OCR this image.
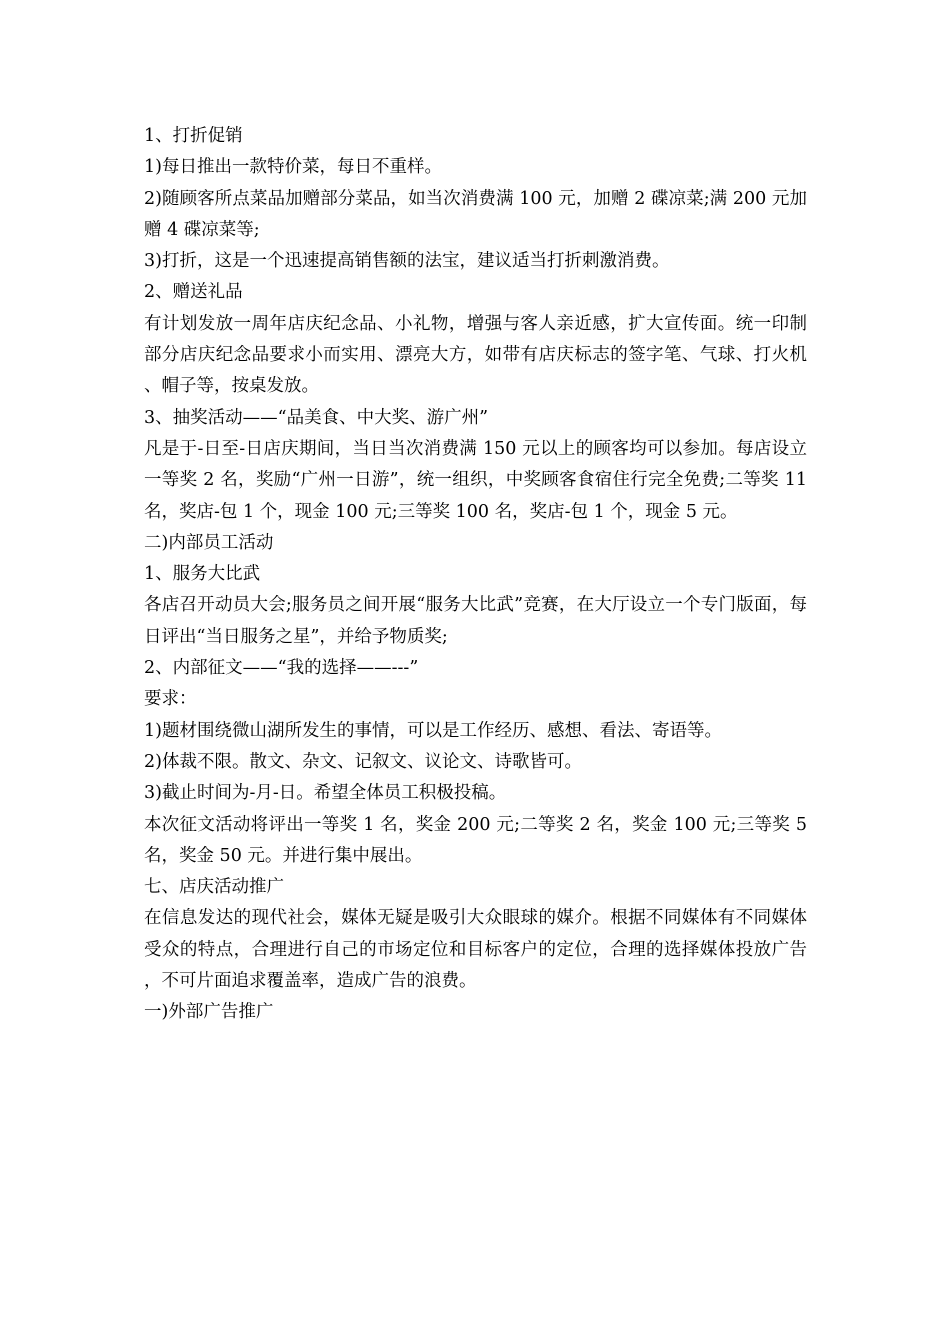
1、打折促销

1)每日推出一款特价菜，每日不重样。

2)随顾客所点菜品加赠部分菜品，如当次消费满 100 元，加赠 2 碟凉菜;满 200 元加赠 4 碟凉菜等;

3)打折，这是一个迅速提高销售额的法宝，建议适当打折刺激消费。

2、赠送礼品

有计划发放一周年店庆纪念品、小礼物，增强与客人亲近感，扩大宣传面。统一印制部分店庆纪念品要求小而实用、漂亮大方，如带有店庆标志的签字笔、气球、打火机、帽子等，按桌发放。

3、抽奖活动——“品美食、中大奖、游广州”

凡是于-日至-日店庆期间，当日当次消费满 150 元以上的顾客均可以参加。每店设立一等奖 2 名，奖励“广州一日游”，统一组织，中奖顾客食宿住行完全免费;二等奖 11 名，奖店-包 1 个，现金 100 元;三等奖 100 名，奖店-包 1 个，现金 5 元。

二)内部员工活动

1、服务大比武

各店召开动员大会;服务员之间开展“服务大比武”竞赛，在大厅设立一个专门版面，每日评出“当日服务之星”，并给予物质奖;

2、内部征文——“我的选择——---”

要求：

1)题材围绕微山湖所发生的事情，可以是工作经历、感想、看法、寄语等。

2)体裁不限。散文、杂文、记叙文、议论文、诗歌皆可。

3)截止时间为-月-日。希望全体员工积极投稿。

本次征文活动将评出一等奖 1 名，奖金 200 元;二等奖 2 名，奖金 100 元;三等奖 5 名，奖金 50 元。并进行集中展出。

七、店庆活动推广

在信息发达的现代社会，媒体无疑是吸引大众眼球的媒介。根据不同媒体有不同媒体受众的特点，合理进行自己的市场定位和目标客户的定位，合理的选择媒体投放广告，不可片面追求覆盖率，造成广告的浪费。

一)外部广告推广
